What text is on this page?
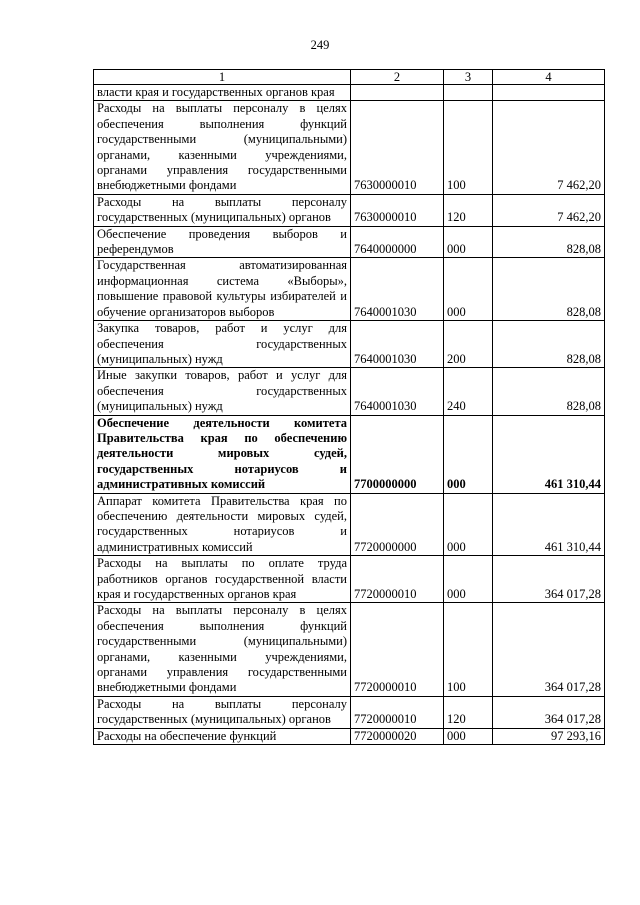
249
1	2	3	4
власти края и государственных органов края			
Расходы на выплаты персоналу в целях обеспечения выполнения функций государственными (муниципальными) органами, казенными учреждениями, органами управления государственными внебюджетными фондами	7630000010	100	7 462,20
Расходы на выплаты персоналу государственных (муниципальных) органов	7630000010	120	7 462,20
Обеспечение проведения выборов и референдумов	7640000000	000	828,08
Государственная автоматизированная информационная система «Выборы», повышение правовой культуры избирателей и обучение организаторов выборов	7640001030	000	828,08
Закупка товаров, работ и услуг для обеспечения государственных (муниципальных) нужд	7640001030	200	828,08
Иные закупки товаров, работ и услуг для обеспечения государственных (муниципальных) нужд	7640001030	240	828,08
Обеспечение деятельности комитета Правительства края по обеспечению деятельности мировых судей, государственных нотариусов и административных комиссий	7700000000	000	461 310,44
Аппарат комитета Правительства края по обеспечению деятельности мировых судей, государственных нотариусов и административных комиссий	7720000000	000	461 310,44
Расходы на выплаты по оплате труда работников органов государственной власти края и государственных органов края	7720000010	000	364 017,28
Расходы на выплаты персоналу в целях обеспечения выполнения функций государственными (муниципальными) органами, казенными учреждениями, органами управления государственными внебюджетными фондами	7720000010	100	364 017,28
Расходы на выплаты персоналу государственных (муниципальных) органов	7720000010	120	364 017,28
Расходы на обеспечение функций	7720000020	000	97 293,16
